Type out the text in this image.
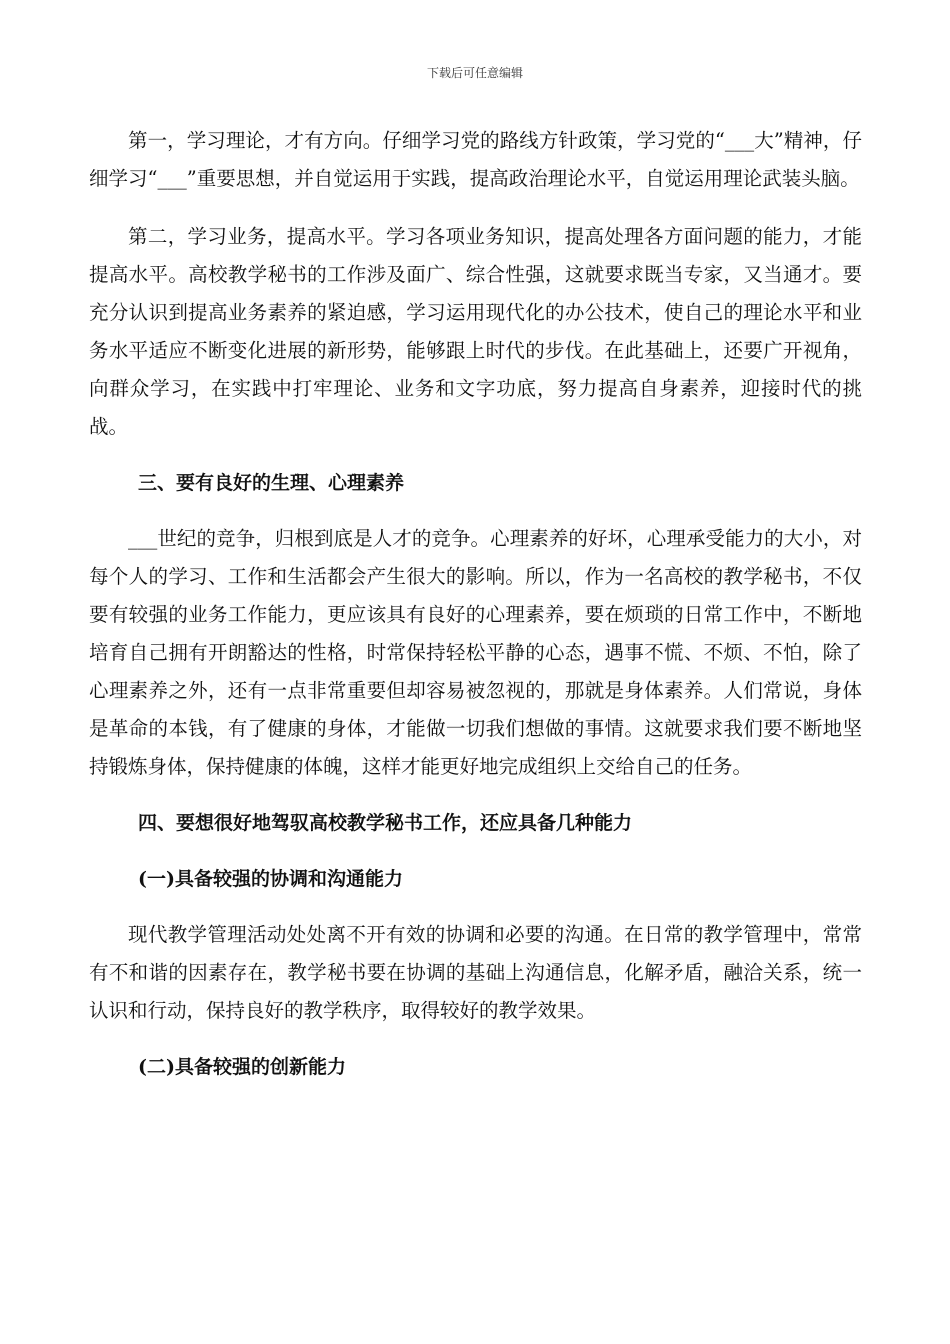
下载后可任意编辑

第一，学习理论，才有方向。仔细学习党的路线方针政策，学习党的“___大”精神，仔细学习“___”重要思想，并自觉运用于实践，提高政治理论水平，自觉运用理论武装头脑。

第二，学习业务，提高水平。学习各项业务知识，提高处理各方面问题的能力，才能提高水平。高校教学秘书的工作涉及面广、综合性强，这就要求既当专家，又当通才。要充分认识到提高业务素养的紧迫感，学习运用现代化的办公技术，使自己的理论水平和业务水平适应不断变化进展的新形势，能够跟上时代的步伐。在此基础上，还要广开视角，向群众学习，在实践中打牢理论、业务和文字功底，努力提高自身素养，迎接时代的挑战。

三、要有良好的生理、心理素养

___世纪的竞争，归根到底是人才的竞争。心理素养的好坏，心理承受能力的大小，对每个人的学习、工作和生活都会产生很大的影响。所以，作为一名高校的教学秘书，不仅要有较强的业务工作能力，更应该具有良好的心理素养，要在烦琐的日常工作中，不断地培育自己拥有开朗豁达的性格，时常保持轻松平静的心态，遇事不慌、不烦、不怕，除了心理素养之外，还有一点非常重要但却容易被忽视的，那就是身体素养。人们常说，身体是革命的本钱，有了健康的身体，才能做一切我们想做的事情。这就要求我们要不断地坚持锻炼身体，保持健康的体魄，这样才能更好地完成组织上交给自己的任务。

四、要想很好地驾驭高校教学秘书工作，还应具备几种能力

(一)具备较强的协调和沟通能力

现代教学管理活动处处离不开有效的协调和必要的沟通。在日常的教学管理中，常常有不和谐的因素存在，教学秘书要在协调的基础上沟通信息，化解矛盾，融洽关系，统一认识和行动，保持良好的教学秩序，取得较好的教学效果。

(二)具备较强的创新能力
